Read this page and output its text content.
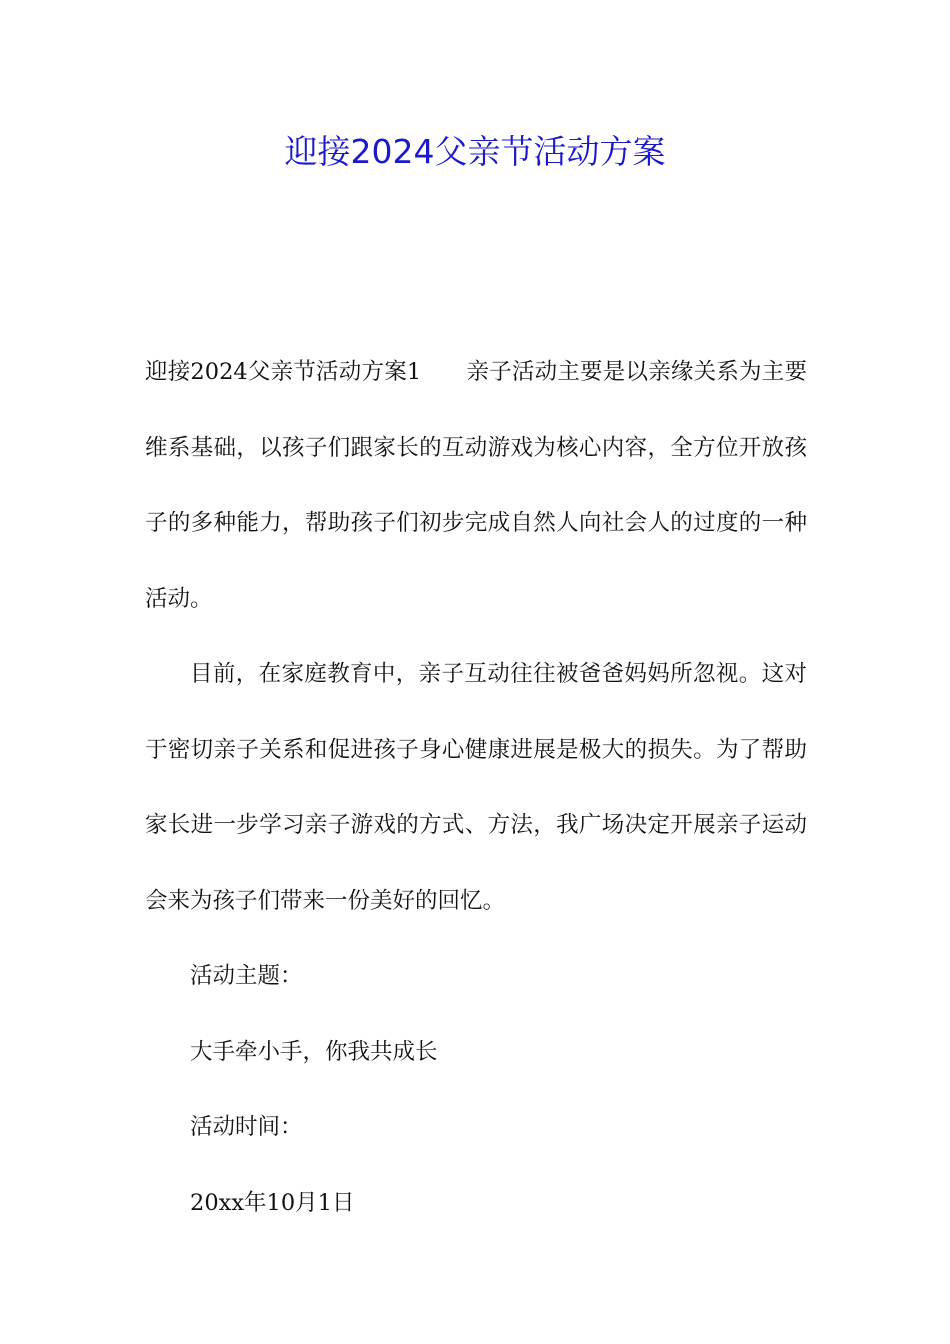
迎接2024父亲节活动方案

迎接2024父亲节活动方案1 亲子活动主要是以亲缘关系为主要维系基础，以孩子们跟家长的互动游戏为核心内容，全方位开放孩子的多种能力，帮助孩子们初步完成自然人向社会人的过度的一种活动。

目前，在家庭教育中，亲子互动往往被爸爸妈妈所忽视。这对于密切亲子关系和促进孩子身心健康进展是极大的损失。为了帮助家长进一步学习亲子游戏的方式、方法，我广场决定开展亲子运动会来为孩子们带来一份美好的回忆。

活动主题：

大手牵小手，你我共成长

活动时间：

20xx年10月1日
